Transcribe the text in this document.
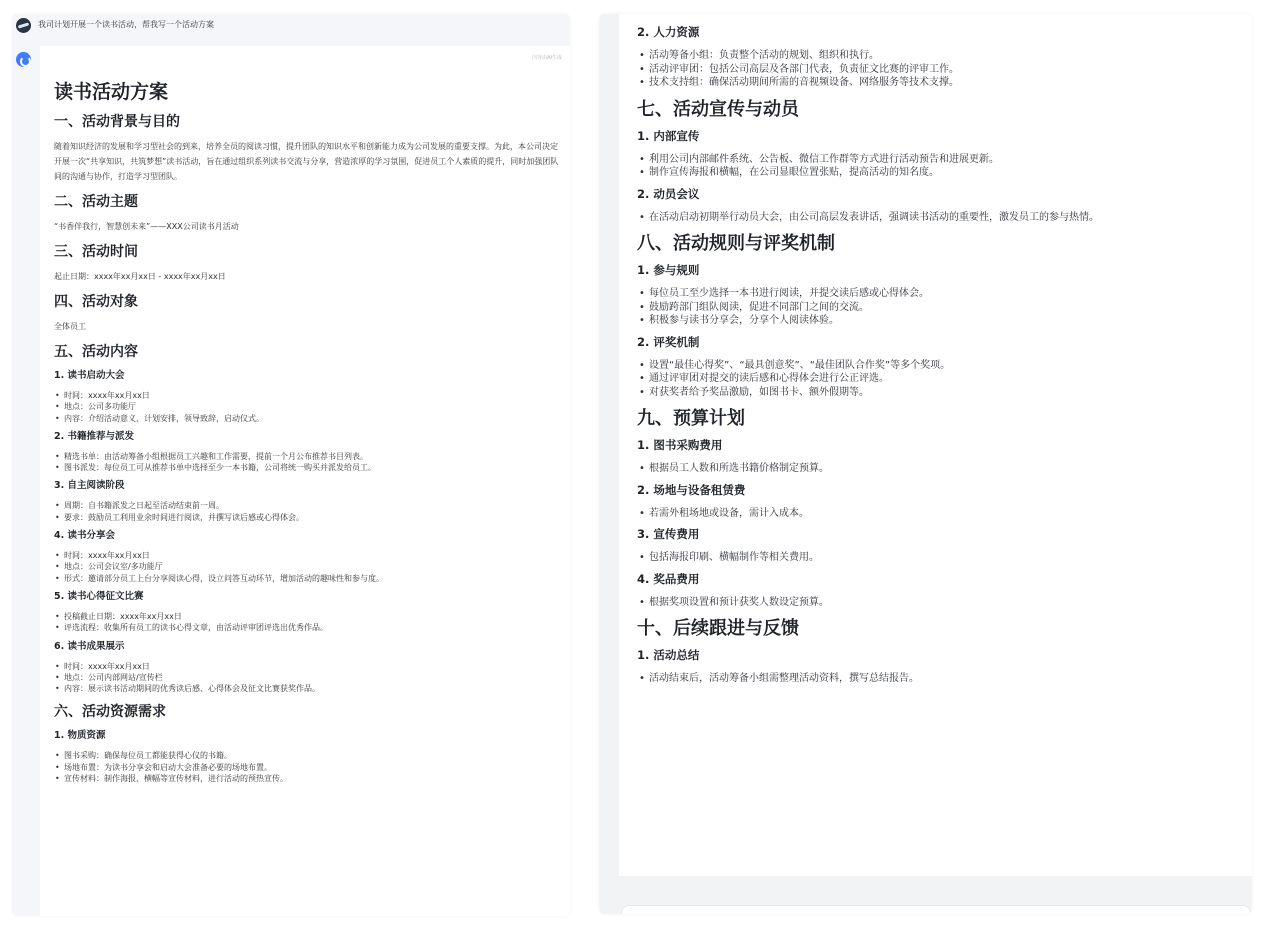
我司计划开展一个读书活动，帮我写一个活动方案
内容由AI生成
读书活动方案
一、活动背景与目的
随着知识经济的发展和学习型社会的到来，培养全员的阅读习惯，提升团队的知识水平和创新能力成为公司发展的重要支撑。为此，本公司决定开展一次“共享知识，共筑梦想”读书活动，旨在通过组织系列读书交流与分享，营造浓厚的学习氛围，促进员工个人素质的提升，同时加强团队间的沟通与协作，打造学习型团队。
二、活动主题
“书香伴我行，智慧创未来”——XXX公司读书月活动
三、活动时间
起止日期：xxxx年xx月xx日 - xxxx年xx月xx日
四、活动对象
全体员工
五、活动内容
1. 读书启动大会
• 时间：xxxx年xx月xx日
• 地点：公司多功能厅
• 内容：介绍活动意义、计划安排，领导致辞，启动仪式。
2. 书籍推荐与派发
• 精选书单：由活动筹备小组根据员工兴趣和工作需要，提前一个月公布推荐书目列表。
• 图书派发：每位员工可从推荐书单中选择至少一本书籍，公司将统一购买并派发给员工。
3. 自主阅读阶段
• 周期：自书籍派发之日起至活动结束前一周。
• 要求：鼓励员工利用业余时间进行阅读，并撰写读后感或心得体会。
4. 读书分享会
• 时间：xxxx年xx月xx日
• 地点：公司会议室/多功能厅
• 形式：邀请部分员工上台分享阅读心得，设立问答互动环节，增加活动的趣味性和参与度。
5. 读书心得征文比赛
• 投稿截止日期：xxxx年xx月xx日
• 评选流程：收集所有员工的读书心得文章，由活动评审团评选出优秀作品。
6. 读书成果展示
• 时间：xxxx年xx月xx日
• 地点：公司内部网站/宣传栏
• 内容：展示读书活动期间的优秀读后感、心得体会及征文比赛获奖作品。
六、活动资源需求
1. 物质资源
• 图书采购：确保每位员工都能获得心仪的书籍。
• 场地布置：为读书分享会和启动大会准备必要的场地布置。
• 宣传材料：制作海报、横幅等宣传材料，进行活动的预热宣传。
2. 人力资源
• 活动筹备小组：负责整个活动的规划、组织和执行。
• 活动评审团：包括公司高层及各部门代表，负责征文比赛的评审工作。
• 技术支持组：确保活动期间所需的音视频设备、网络服务等技术支撑。
七、活动宣传与动员
1. 内部宣传
• 利用公司内部邮件系统、公告板、微信工作群等方式进行活动预告和进展更新。
• 制作宣传海报和横幅，在公司显眼位置张贴，提高活动的知名度。
2. 动员会议
• 在活动启动初期举行动员大会，由公司高层发表讲话，强调读书活动的重要性，激发员工的参与热情。
八、活动规则与评奖机制
1. 参与规则
• 每位员工至少选择一本书进行阅读，并提交读后感或心得体会。
• 鼓励跨部门组队阅读，促进不同部门之间的交流。
• 积极参与读书分享会，分享个人阅读体验。
2. 评奖机制
• 设置“最佳心得奖”、“最具创意奖”、“最佳团队合作奖”等多个奖项。
• 通过评审团对提交的读后感和心得体会进行公正评选。
• 对获奖者给予奖品激励，如图书卡、额外假期等。
九、预算计划
1. 图书采购费用
• 根据员工人数和所选书籍价格制定预算。
2. 场地与设备租赁费
• 若需外租场地或设备，需计入成本。
3. 宣传费用
• 包括海报印刷、横幅制作等相关费用。
4. 奖品费用
• 根据奖项设置和预计获奖人数设定预算。
十、后续跟进与反馈
1. 活动总结
• 活动结束后，活动筹备小组需整理活动资料，撰写总结报告。
